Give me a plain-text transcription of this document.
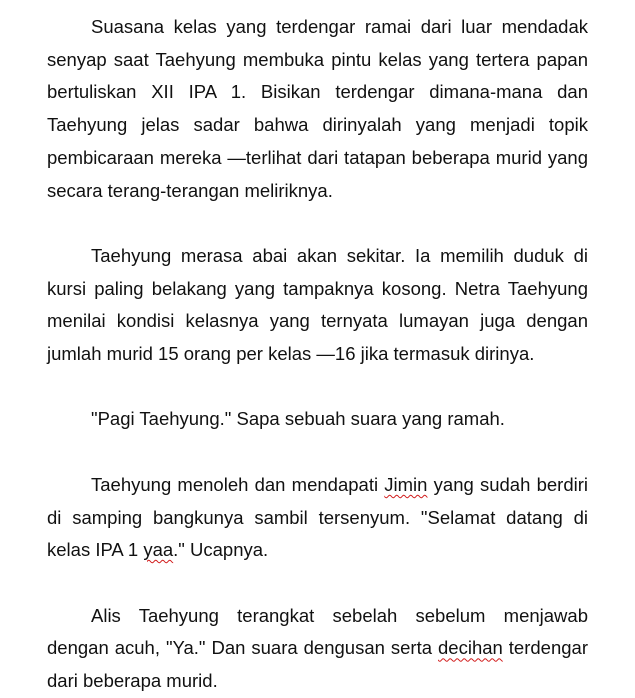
Suasana kelas yang terdengar ramai dari luar mendadak senyap saat Taehyung membuka pintu kelas yang tertera papan bertuliskan XII IPA 1. Bisikan terdengar dimana-mana dan Taehyung jelas sadar bahwa dirinyalah yang menjadi topik pembicaraan mereka —terlihat dari tatapan beberapa murid yang secara terang-terangan meliriknya.

Taehyung merasa abai akan sekitar. Ia memilih duduk di kursi paling belakang yang tampaknya kosong. Netra Taehyung menilai kondisi kelasnya yang ternyata lumayan juga dengan jumlah murid 15 orang per kelas —16 jika termasuk dirinya.

"Pagi Taehyung." Sapa sebuah suara yang ramah.

Taehyung menoleh dan mendapati Jimin yang sudah berdiri di samping bangkunya sambil tersenyum. "Selamat datang di kelas IPA 1 yaa." Ucapnya.

Alis Taehyung terangkat sebelah sebelum menjawab dengan acuh, "Ya." Dan suara dengusan serta decihan terdengar dari beberapa murid.
